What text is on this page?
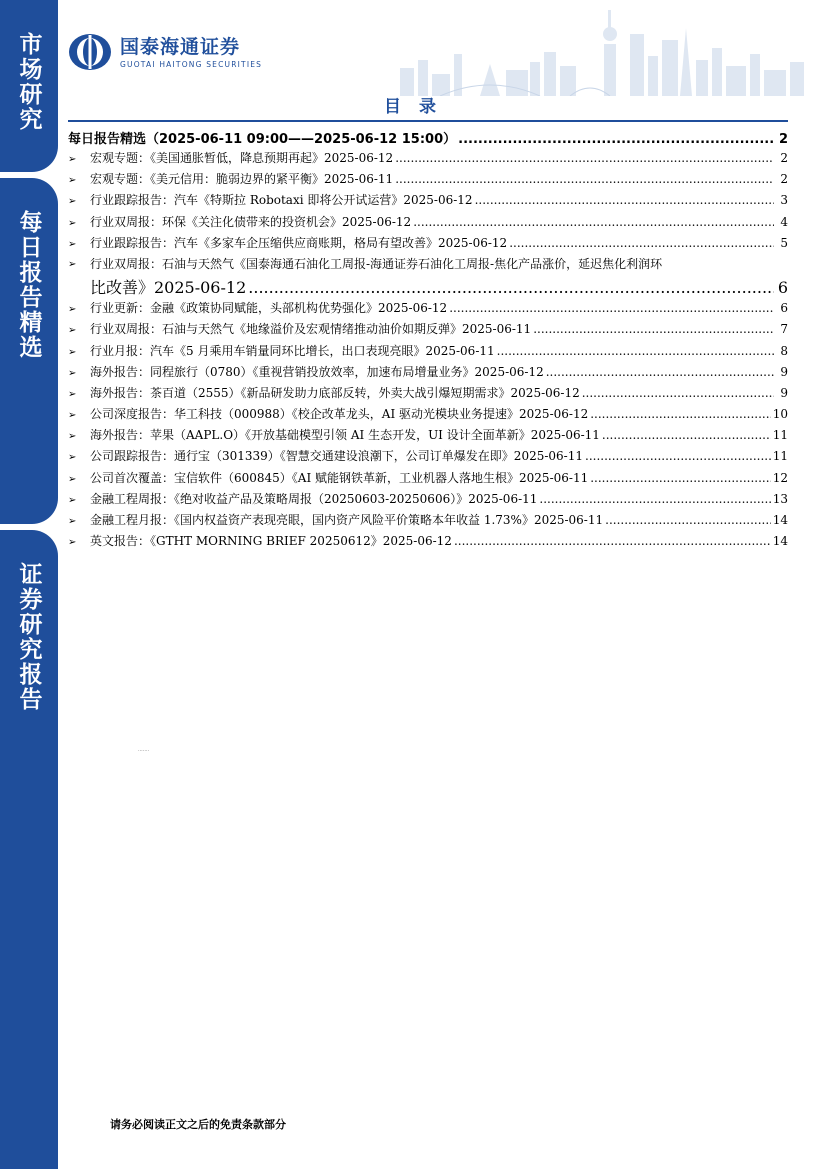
市场研究
每日报告精选
证券研究报告
国泰海通证券
GUOTAI HAITONG SECURITIES
目 录
每日报告精选（2025-06-11 09:00——2025-06-12 15:00） .....	2
➢	宏观专题：《美国通胀暂低，降息预期再起》2025-06-12 .....	2
➢	宏观专题：《美元信用：脆弱边界的紧平衡》2025-06-11 .....	2
➢	行业跟踪报告：汽车《特斯拉 Robotaxi 即将公开试运营》2025-06-12 .....	3
➢	行业双周报：环保《关注化债带来的投资机会》2025-06-12 .....	4
➢	行业跟踪报告：汽车《多家车企压缩供应商账期，格局有望改善》2025-06-12 .....	5
➢	行业双周报：石油与天然气《国泰海通石油化工周报-海通证券石油化工周报-焦化产品涨价，延迟焦化利润环
比改善》2025-06-12 .....	6
➢	行业更新：金融《政策协同赋能，头部机构优势强化》2025-06-12 .....	6
➢	行业双周报：石油与天然气《地缘溢价及宏观情绪推动油价如期反弹》2025-06-11 .....	7
➢	行业月报：汽车《5 月乘用车销量同环比增长，出口表现亮眼》2025-06-11 .....	8
➢	海外报告：同程旅行（0780）《重视营销投放效率，加速布局增量业务》2025-06-12 .....	9
➢	海外报告：茶百道（2555）《新品研发助力底部反转，外卖大战引爆短期需求》2025-06-12 .....	9
➢	公司深度报告：华工科技（000988）《校企改革龙头，AI 驱动光模块业务提速》2025-06-12 .....	10
➢	海外报告：苹果（AAPL.O）《开放基础模型引领 AI 生态开发，UI 设计全面革新》2025-06-11 .....	11
➢	公司跟踪报告：通行宝（301339）《智慧交通建设浪潮下，公司订单爆发在即》2025-06-11 .....	11
➢	公司首次覆盖：宝信软件（600845）《AI 赋能钢铁革新，工业机器人落地生根》2025-06-11 .....	12
➢	金融工程周报：《绝对收益产品及策略周报（20250603-20250606）》2025-06-11 .....	13
➢	金融工程月报：《国内权益资产表现亮眼，国内资产风险平价策略本年收益 1.73%》2025-06-11 .....	14
➢	英文报告：《GTHT MORNING BRIEF 20250612》2025-06-12 .....	14
·······
请务必阅读正文之后的免责条款部分
